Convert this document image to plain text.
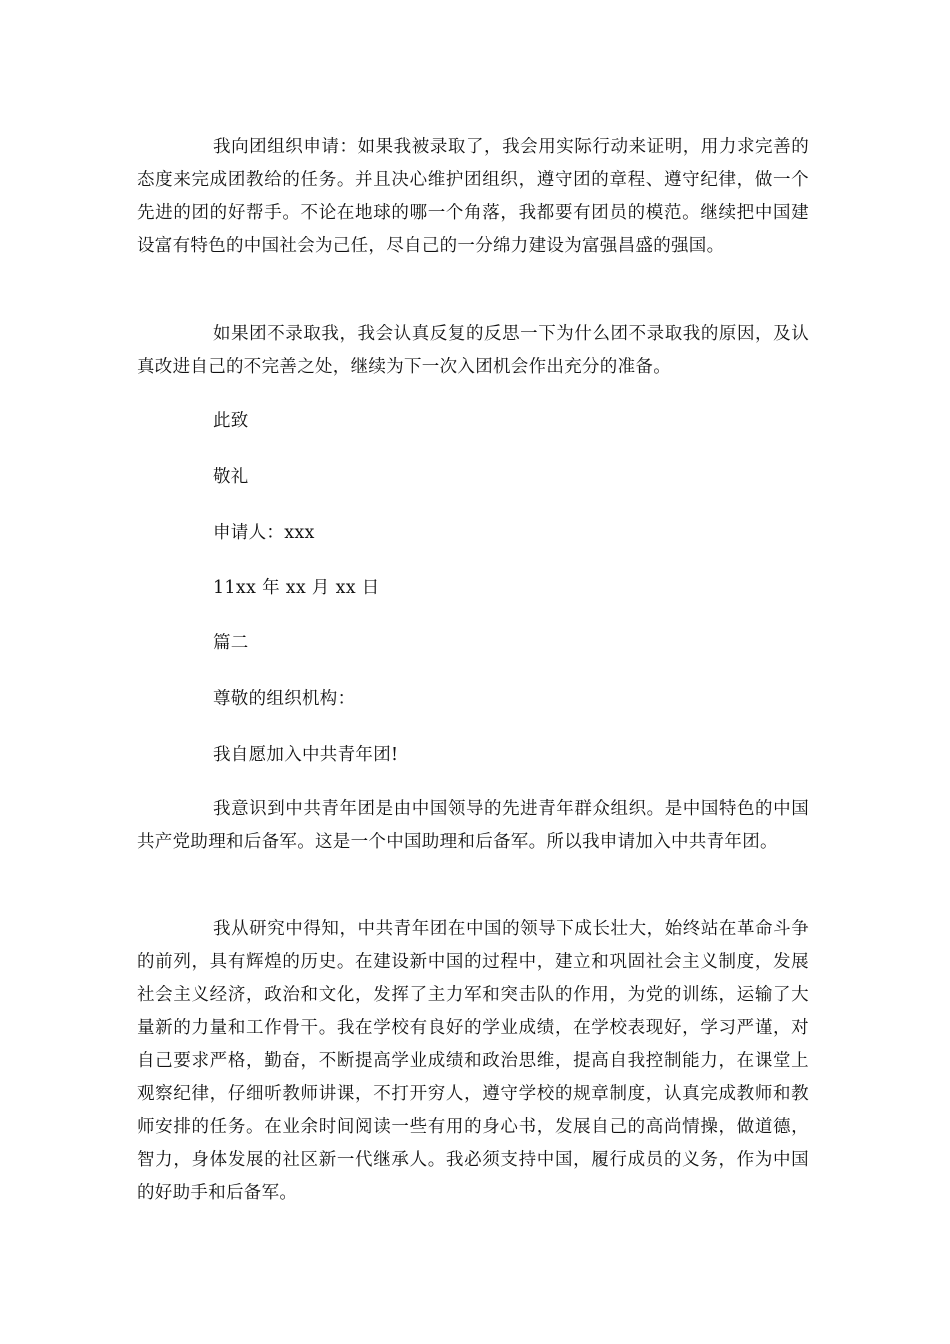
我向团组织申请：如果我被录取了，我会用实际行动来证明，用力求完善的态度来完成团教给的任务。并且决心维护团组织，遵守团的章程、遵守纪律，做一个先进的团的好帮手。不论在地球的哪一个角落，我都要有团员的模范。继续把中国建设富有特色的中国社会为己任，尽自己的一分绵力建设为富强昌盛的强国。

如果团不录取我，我会认真反复的反思一下为什么团不录取我的原因，及认真改进自己的不完善之处，继续为下一次入团机会作出充分的准备。

此致

敬礼

申请人：xxx

11xx 年 xx 月 xx 日

篇二

尊敬的组织机构：

我自愿加入中共青年团!

我意识到中共青年团是由中国领导的先进青年群众组织。是中国特色的中国共产党助理和后备军。这是一个中国助理和后备军。所以我申请加入中共青年团。

我从研究中得知，中共青年团在中国的领导下成长壮大，始终站在革命斗争的前列，具有辉煌的历史。在建设新中国的过程中，建立和巩固社会主义制度，发展社会主义经济，政治和文化，发挥了主力军和突击队的作用，为党的训练，运输了大量新的力量和工作骨干。我在学校有良好的学业成绩，在学校表现好，学习严谨，对自己要求严格，勤奋，不断提高学业成绩和政治思维，提高自我控制能力，在课堂上观察纪律，仔细听教师讲课，不打开穷人，遵守学校的规章制度，认真完成教师和教师安排的任务。在业余时间阅读一些有用的身心书，发展自己的高尚情操，做道德，智力，身体发展的社区新一代继承人。我必须支持中国，履行成员的义务，作为中国的好助手和后备军。
